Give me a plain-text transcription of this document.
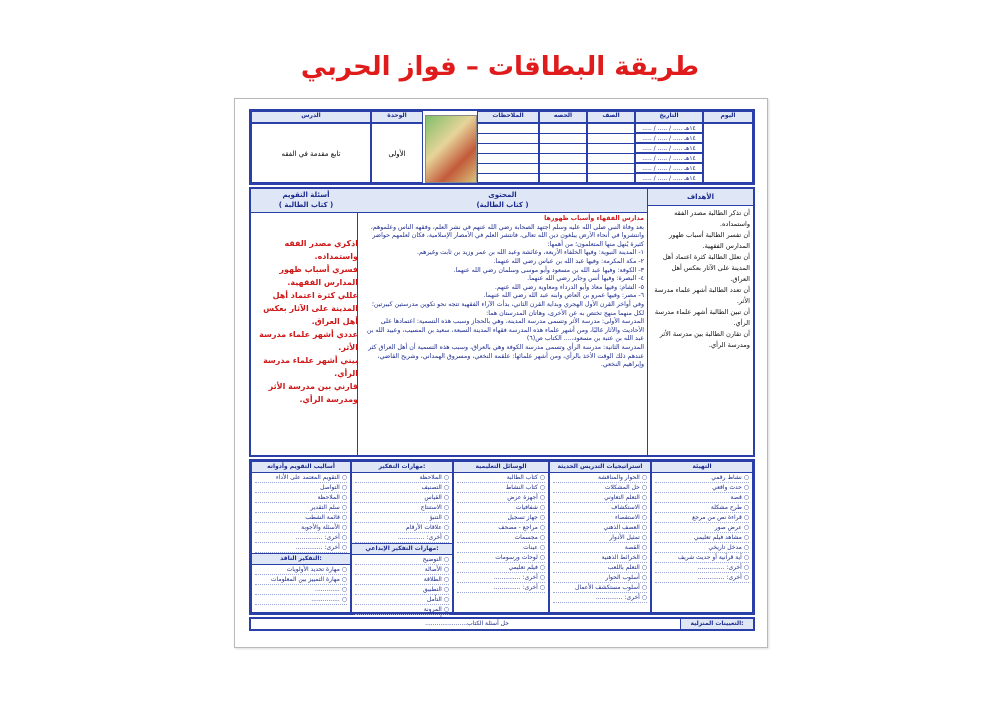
طريقة البطاقات – فواز الحربي
اليوم
التاريخ
الصف
الحصه
الملاحظات
..... / ..... / ..... ١٤هـ
..... / ..... / ..... ١٤هـ
..... / ..... / ..... ١٤هـ
..... / ..... / ..... ١٤هـ
..... / ..... / ..... ١٤هـ
..... / ..... / ..... ١٤هـ
الوحدة
الدرس
الأولى
تابع مقدمة في الفقه
الأهداف

أن تذكر الطالبة مصدر الفقه واستمداده.

أن تفسر الطالبة أسباب ظهور المدارس الفقهية.

أن تعلل الطالبة كثرة اعتماد أهل المدينة على الآثار بعكس أهل العراق.

أن تعدد الطالبة أشهر علماء مدرسة الأثر.

أن تبين الطالبة أشهر علماء مدرسة الرأي.

أن تقارن الطالبة بين مدرسة الأثر ومدرسة الرأي.

المحتوى
(كتاب الطالبة )

مدارس الفقهاء وأسباب ظهورها

بعد وفاة النبي صلى الله عليه وسلم اجتهد الصحابة رضي الله عنهم في نشر العلم، وفقهه الناس وعلموهم، وانتشروا في أنحاء الأرض يبلغون دين الله تعالى، فانتشر العلم في الأمصار الإسلامية، فكان لعلمهم حواضر كثيرة يُنهل منها المتعلمون؛ من أهمها:

١- المدينة النبوية: وفيها الخلفاء الأربعة، وعائشة وعبد الله بن عمر وزيد بن ثابت وغيرهم.

٢- مكة المكرمة: وفيها عبد الله بن عباس رضي الله عنهما.

٣- الكوفة: وفيها عبد الله بن مسعود وأبو موسى وسلمان رضي الله عنهما.

٤- البصرة: وفيها أنس وجابر رضي الله عنهما.

٥- الشام: وفيها معاذ وأبو الدرداء ومعاوية رضي الله عنهم.

٦- مصر: وفيها عمرو بن العاص وابنه عبد الله رضي الله عنهما.

وفي أواخر القرن الأول الهجري وبداية القرن الثاني، بدأت الآراء الفقهية تتجه نحو تكوين مدرستين كبيرتين؛ لكل منهما منهج تختص به عن الأخرى، وهاتان المدرستان هما:

المدرسة الأولى: مدرسة الأثر وتسمى مدرسة المدينة، وهي بالحجاز وسبب هذه التسمية: اعتمادها على الأحاديث والآثار غالبًا، ومن أشهر علماء هذه المدرسة فقهاء المدينة السبعة، سعيد بن المسيب، وعبيد الله بن عبد الله بن عتبة بن مسعود،.... الكتاب ص(٦)

المدرسة الثانية: مدرسة الرأي وتسمى مدرسة الكوفة وهي بالعراق، وسبب هذه التسمية أن أهل العراق كثر عندهم ذلك الوقت الأخذ بالرأي، ومن أشهر علمائها: علقمة النخعي، ومسروق الهمداني، وشريح القاضي، وإبراهيم النخعي.

أسئلة التقويم
( كتاب الطالبة )

اذكري مصدر الفقه واستمداده.

فسري أسباب ظهور المدارس الفقهية.

عللي كثرة اعتماد أهل المدينة على الآثار بعكس أهل العراق.

عددي أشهر علماء مدرسة الأثر.

بيني أشهر علماء مدرسة الرأي.

قارني بين مدرسة الأثر ومدرسة الرأي.

التهيئة
○ نشاط رقمي
○ حدث واقعي
○ قصة
○ طرح مشكلة
○ قراءة نص من مرجع
○ عرض صور
○ مشاهد فيلم تعليمي
○ مدخل تاريخي
○ آية قرآنية أو حديث شريف
○ أخرى: ..............
○ أخرى: ..............
استراتيجيات التدريس الحديثة
○ الحوار والمناقشة
○ حل المشكلات
○ التعلم التعاوني
○ الاستكشاف
○ الاستقصاء
○ العصف الذهني
○ تمثيل الأدوار
○ القصة
○ الخرائط الذهنية
○ التعلم باللعب
○ أسلوب الحوار
○ أسلوب مستكشف الأعمال
○ أخرى: ..............
الوسائل التعليمية
○ كتاب الطالبة
○ كتاب النشاط
○ أجهزة عرض
○ شفافيات
○ جهاز تسجيل
○ مراجع - مصحف
○ مجسمات
○ عينات
○ لوحات ورسومات
○ فيلم تعليمي
○ أخرى: ..............
○ أخرى: ..............
مهارات التفكير:
○ الملاحظة
○ التصنيف
○ القياس
○ الاستنتاج
○ التنبؤ
○ علاقات الأرقام
○ أخرى: ..............
مهارات التفكير الإبداعي:
○ التوضيح
○ الأصالة
○ الطلاقة
○ التطبيق
○ التأمل
○ المرونة
○
أساليب التقويم وأدواته
○ التقويم المعتمد على الأداء
○ التواصل
○ الملاحظة
○ سلم التقدير
○ قائمة الشطب
○ الأسئلة والأجوبة
○ أخرى: ..............
○ أخرى: ..............
التفكير الناقد:
○ مهارة تحديد الأولويات
○ مهارة التمييز بين المعلومات
○ .............
○ ...............
التعيينات المنزلية:
حل أسئلة الكتاب......................
